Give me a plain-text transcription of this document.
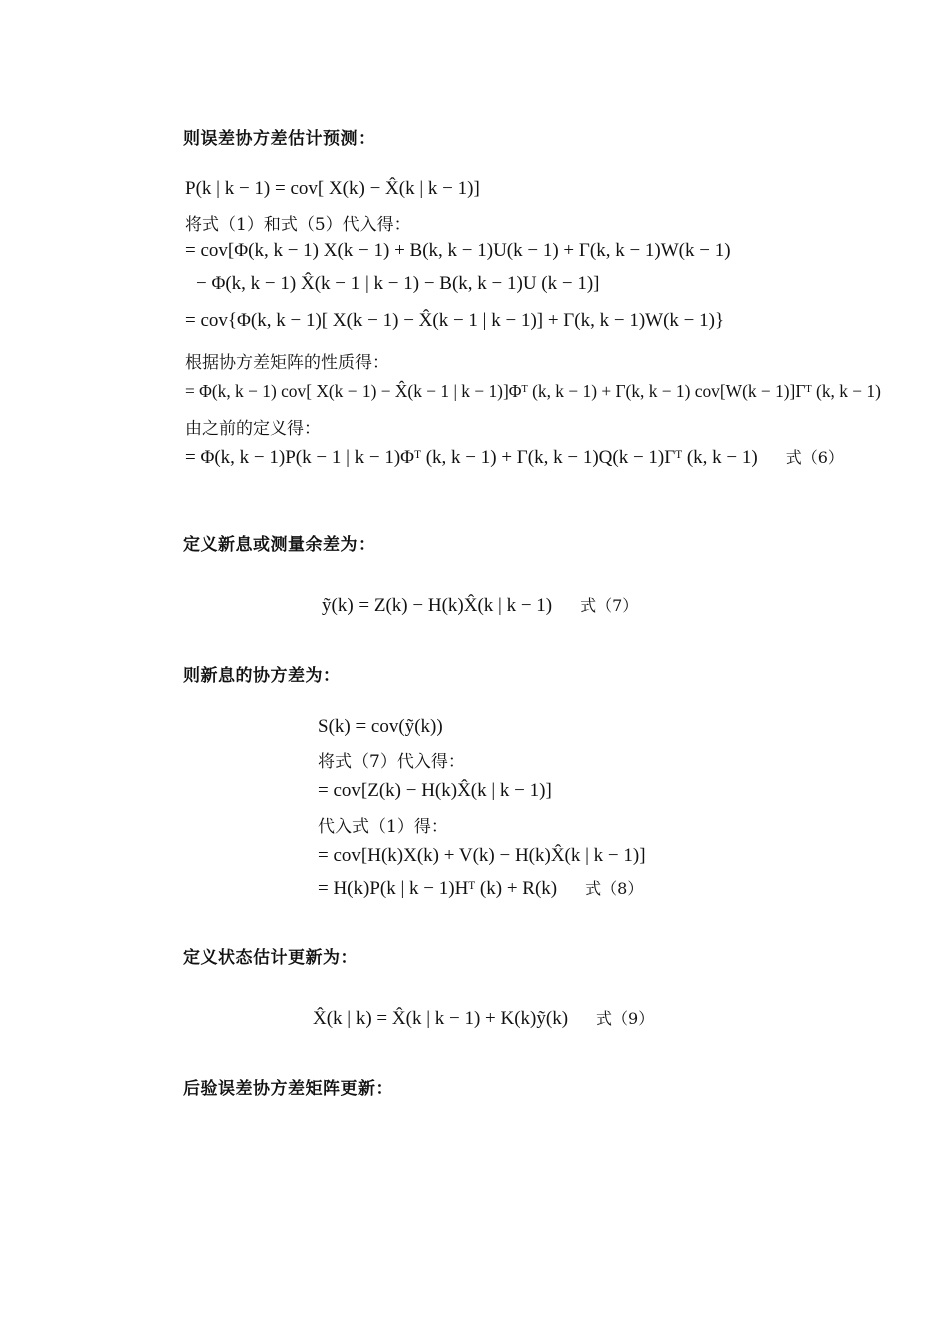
则误差协方差估计预测：
P(k | k − 1) = cov[ X(k) − X̂(k | k − 1)]
将式（1）和式（5）代入得：
= cov[Φ(k, k − 1) X(k − 1) + B(k, k − 1)U(k − 1) + Γ(k, k − 1)W(k − 1)
− Φ(k, k − 1) X̂(k − 1 | k − 1) − B(k, k − 1)U (k − 1)]
= cov{Φ(k, k − 1)[ X(k − 1) − X̂(k − 1 | k − 1)] + Γ(k, k − 1)W(k − 1)}
根据协方差矩阵的性质得：
= Φ(k, k − 1) cov[ X(k − 1) − X̂(k − 1 | k − 1)]Φᵀ (k, k − 1) + Γ(k, k − 1) cov[W(k − 1)]Γᵀ (k, k − 1)
由之前的定义得：
= Φ(k, k − 1)P(k − 1 | k − 1)Φᵀ (k, k − 1) + Γ(k, k − 1)Q(k − 1)Γᵀ (k, k − 1) 式（6）
定义新息或测量余差为：
ỹ(k) = Z(k) − H(k)X̂(k | k − 1) 式（7）
则新息的协方差为：
S(k) = cov(ỹ(k))
将式（7）代入得：
= cov[Z(k) − H(k)X̂(k | k − 1)]
代入式（1）得：
= cov[H(k)X(k) + V(k) − H(k)X̂(k | k − 1)]
= H(k)P(k | k − 1)Hᵀ (k) + R(k) 式（8）
定义状态估计更新为：
X̂(k | k) = X̂(k | k − 1) + K(k)ỹ(k) 式（9）
后验误差协方差矩阵更新：
